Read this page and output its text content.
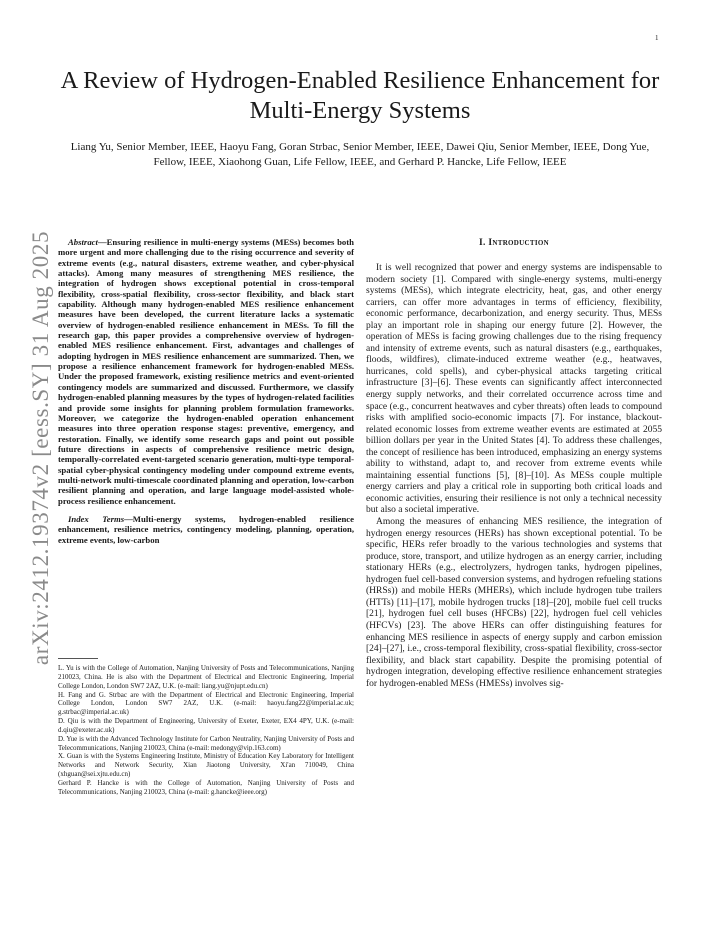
1
A Review of Hydrogen-Enabled Resilience Enhancement for Multi-Energy Systems

Liang Yu, Senior Member, IEEE, Haoyu Fang, Goran Strbac, Senior Member, IEEE, Dawei Qiu, Senior Member, IEEE, Dong Yue, Fellow, IEEE, Xiaohong Guan, Life Fellow, IEEE, and Gerhard P. Hancke, Life Fellow, IEEE

arXiv:2412.19374v2 [eess.SY] 31 Aug 2025	Abstract—Ensuring resilience in multi-energy systems (MESs) becomes both more urgent and more challenging due to the rising occurrence and severity of extreme events (e.g., natural disasters, extreme weather, and cyber-physical attacks). Among many measures of strengthening MES resilience, the integration of hydrogen shows exceptional potential in cross-temporal flexibility, cross-spatial flexibility, cross-sector flexibility, and black start capability. Although many hydrogen-enabled MES resilience enhancement measures have been developed, the current literature lacks a systematic overview of hydrogen-enabled resilience enhancement in MESs. To fill the research gap, this paper provides a comprehensive overview of hydrogen-enabled MES resilience enhancement. First, advantages and challenges of adopting hydrogen in MES resilience enhancement are summarized. Then, we propose a resilience enhancement framework for hydrogen-enabled MESs. Under the proposed framework, existing resilience metrics and event-oriented contingency models are summarized and discussed. Furthermore, we classify hydrogen-enabled planning measures by the types of hydrogen-related facilities and provide some insights for planning problem formulation frameworks. Moreover, we categorize the hydrogen-enabled operation enhancement measures into three operation response stages: preventive, emergency, and restoration. Finally, we identify some research gaps and point out possible future directions in aspects of comprehensive resilience metric design, temporally-correlated event-targeted scenario generation, multi-type temporal-spatial cyber-physical contingency modeling under compound extreme events, multi-network multi-timescale coordinated planning and operation, low-carbon resilient planning and operation, and large language model-assisted whole-process resilience enhancement.

Index Terms—Multi-energy systems, hydrogen-enabled resilience enhancement, resilience metrics, contingency modeling, planning, operation, extreme events, low-carbon

L. Yu is with the College of Automation, Nanjing University of Posts and Telecommunications, Nanjing 210023, China. He is also with the Department of Electrical and Electronic Engineering, Imperial College London, London SW7 2AZ, U.K. (e-mail: liang.yu@njupt.edu.cn)

H. Fang and G. Strbac are with the Department of Electrical and Electronic Engineering, Imperial College London, London SW7 2AZ, U.K. (e-mail: haoyu.fang22@imperial.ac.uk; g.strbac@imperial.ac.uk)

D. Qiu is with the Department of Engineering, University of Exeter, Exeter, EX4 4PY, U.K. (e-mail: d.qiu@exeter.ac.uk)

D. Yue is with the Advanced Technology Institute for Carbon Neutrality, Nanjing University of Posts and Telecommunications, Nanjing 210023, China (e-mail: medongy@vip.163.com)

X. Guan is with the Systems Engineering Institute, Ministry of Education Key Laboratory for Intelligent Networks and Network Security, Xian Jiaotong University, Xi'an 710049, China (xhguan@sei.xjtu.edu.cn)

Gerhard P. Hancke is with the College of Automation, Nanjing University of Posts and Telecommunications, Nanjing 210023, China (e-mail: g.hancke@ieee.org)

I. Introduction

It is well recognized that power and energy systems are indispensable to modern society [1]. Compared with single-energy systems, multi-energy systems (MESs), which integrate electricity, heat, gas, and other energy carriers, can offer more advantages in terms of efficiency, flexibility, economic performance, decarbonization, and energy security. Thus, MESs play an important role in shaping our energy future [2]. However, the operation of MESs is facing growing challenges due to the rising frequency and intensity of extreme events, such as natural disasters (e.g., earthquakes, floods, wildfires), climate-induced extreme weather (e.g., heatwaves, hurricanes, cold spells), and cyber-physical attacks targeting critical infrastructure [3]–[6]. These events can significantly affect interconnected energy supply networks, and their correlated occurrence across time and space (e.g., concurrent heatwaves and cyber threats) often leads to compound risks with amplified socio-economic impacts [7]. For instance, blackout-related economic losses from extreme weather events are estimated at 2055 billion dollars per year in the United States [4]. To address these challenges, the concept of resilience has been introduced, emphasizing an energy systems ability to withstand, adapt to, and recover from extreme events while maintaining essential functions [5], [8]–[10]. As MESs couple multiple energy carriers and play a critical role in supporting both critical loads and economic activities, ensuring their resilience is not only a technical necessity but also a societal imperative.

Among the measures of enhancing MES resilience, the integration of hydrogen energy resources (HERs) has shown exceptional potential. To be specific, HERs refer broadly to the various technologies and systems that produce, store, transport, and utilize hydrogen as an energy carrier, including stationary HERs (e.g., electrolyzers, hydrogen tanks, hydrogen pipelines, hydrogen fuel cell-based conversion systems, and hydrogen refueling stations (HRSs)) and mobile HERs (MHERs), which include hydrogen tube trailers (HTTs) [11]–[17], mobile hydrogen trucks [18]–[20], mobile fuel cell trucks [21], hydrogen fuel cell buses (HFCBs) [22], hydrogen fuel cell vehicles (HFCVs) [23]. The above HERs can offer distinguishing features for enhancing MES resilience in aspects of energy supply and carbon emission [24]–[27], i.e., cross-temporal flexibility, cross-spatial flexibility, cross-sector flexibility, and black start capability. Despite the promising potential of hydrogen integration, developing effective resilience enhancement strategies for hydrogen-enabled MESs (HMESs) involves sig-
